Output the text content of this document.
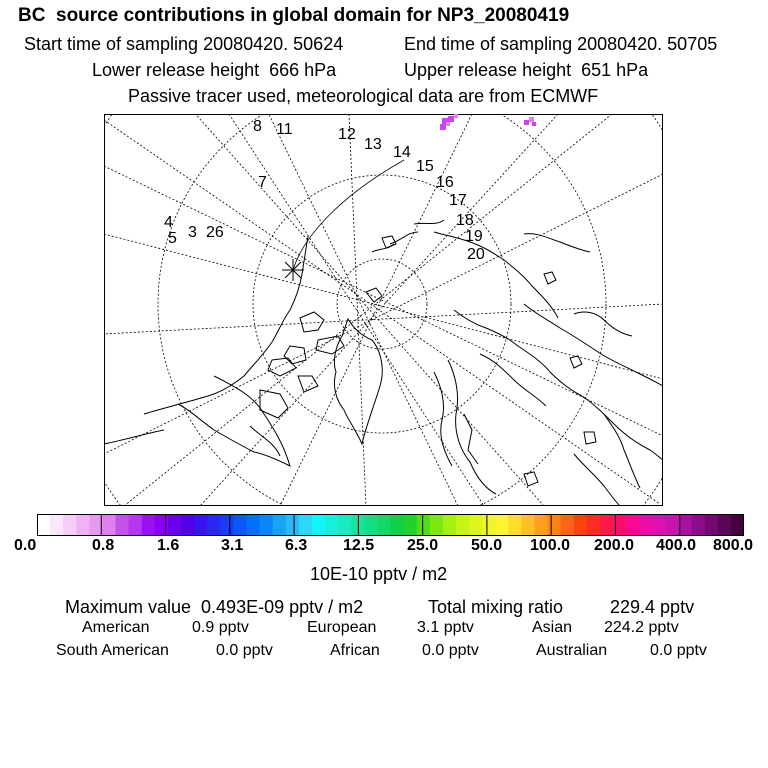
BC  source contributions in global domain for NP3_20080419
Start time of sampling 20080420. 50624	End time of sampling 20080420. 50705
Lower release height  666 hPa	Upper release height  651 hPa
Passive tracer used, meteorological data are from ECMWF
8 11	12
13 14
15
16
17
18
19
20
7
4
5 3 26
0.0	0.8	1.6	3.1	6.3 12.5 25.0 50.0 100.0 200.0 400.0 800.0
10E-10 pptv / m2
Maximum value  0.493E-09 pptv / m2	Total mixing ratio	229.4 pptv
American	0.9 pptv	European	3.1 pptv	Asian 224.2 pptv
South American	0.0 pptv	African	0.0 pptv	Australian	0.0 pptv
